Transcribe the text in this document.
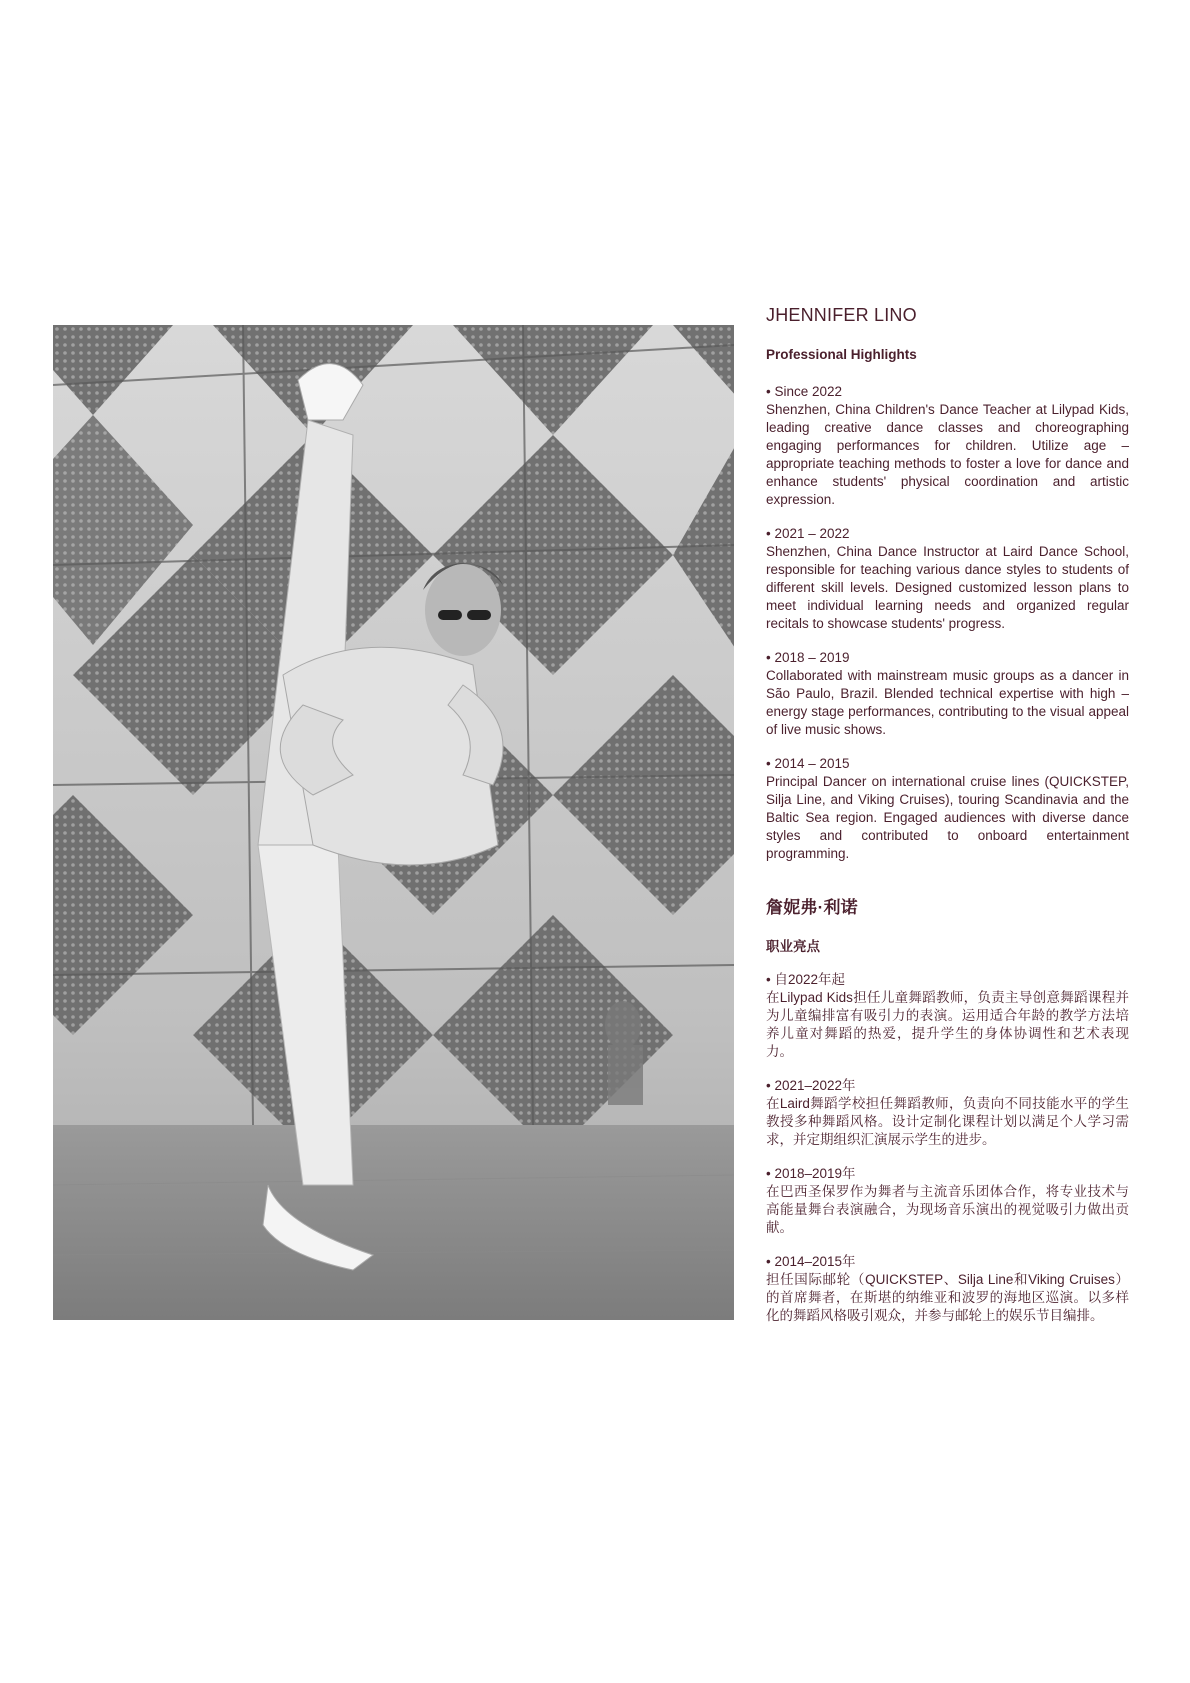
JHENNIFER LINO
Professional Highlights

• Since 2022

Shenzhen, China Children's Dance Teacher at Lilypad Kids, leading creative dance classes and choreographing engaging performances for children. Utilize age – appropriate teaching methods to foster a love for dance and enhance students' physical coordination and artistic expression.

• 2021 – 2022

Shenzhen, China Dance Instructor at Laird Dance School, responsible for teaching various dance styles to students of different skill levels. Designed customized lesson plans to meet individual learning needs and organized regular recitals to showcase students' progress.

• 2018 – 2019

Collaborated with mainstream music groups as a dancer in São Paulo, Brazil. Blended technical expertise with high – energy stage performances, contributing to the visual appeal of live music shows.

• 2014 – 2015

Principal Dancer on international cruise lines (QUICKSTEP, Silja Line, and Viking Cruises), touring Scandinavia and the Baltic Sea region. Engaged audiences with diverse dance styles and contributed to onboard entertainment programming.

詹妮弗·利诺
职业亮点

• 自2022年起

在Lilypad Kids担任儿童舞蹈教师，负责主导创意舞蹈课程并为儿童编排富有吸引力的表演。运用适合年龄的教学方法培养儿童对舞蹈的热爱，提升学生的身体协调性和艺术表现力。

• 2021–2022年

在Laird舞蹈学校担任舞蹈教师，负责向不同技能水平的学生教授多种舞蹈风格。设计定制化课程计划以满足个人学习需求，并定期组织汇演展示学生的进步。

• 2018–2019年

在巴西圣保罗作为舞者与主流音乐团体合作，将专业技术与高能量舞台表演融合，为现场音乐演出的视觉吸引力做出贡献。

• 2014–2015年

担任国际邮轮（QUICKSTEP、Silja Line和Viking Cruises）的首席舞者，在斯堪的纳维亚和波罗的海地区巡演。以多样化的舞蹈风格吸引观众，并参与邮轮上的娱乐节目编排。
